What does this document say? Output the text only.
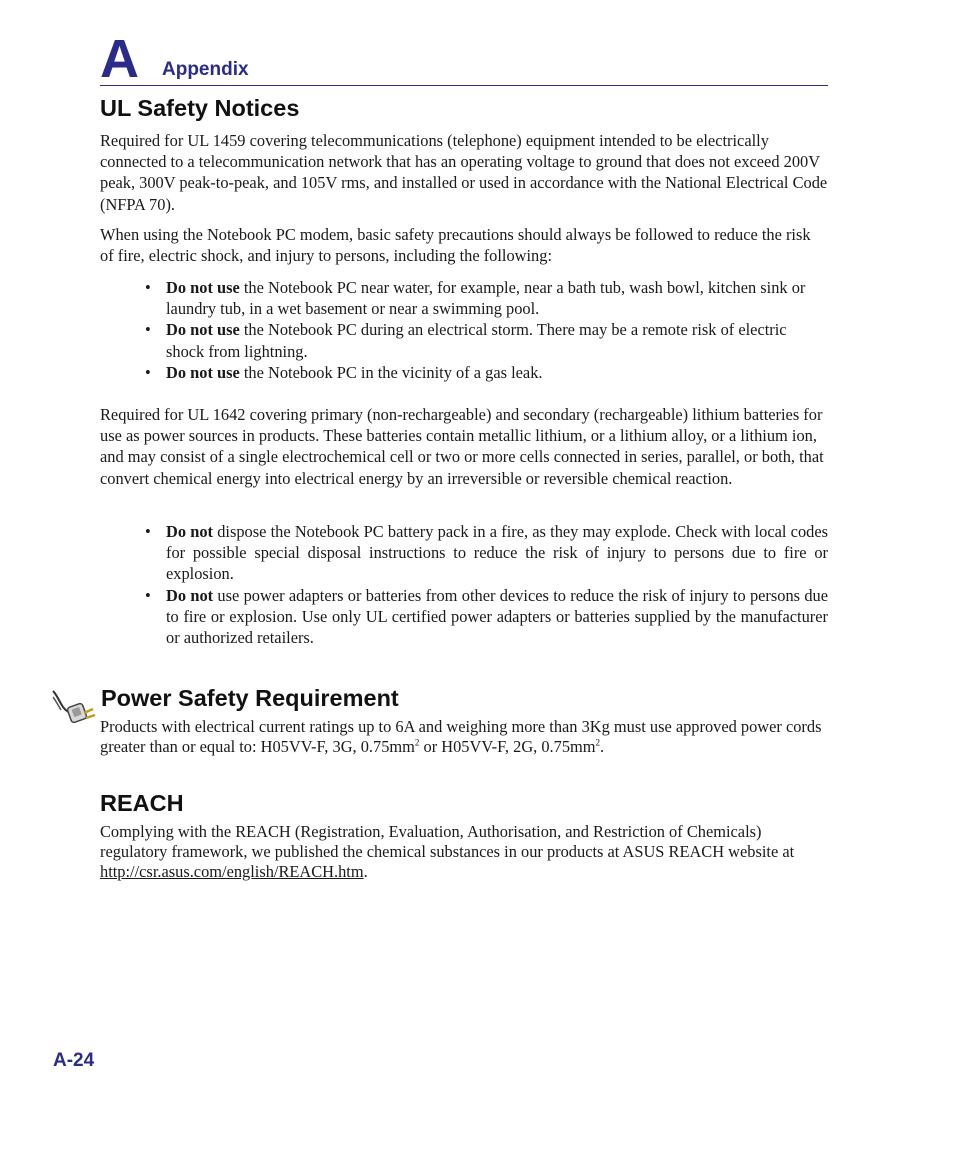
A Appendix
UL Safety Notices

Required for UL 1459 covering telecommunications (telephone) equipment intended to be electrically connected to a telecommunication network that has an operating voltage to ground that does not exceed 200V peak, 300V peak-to-peak, and 105V rms, and installed or used in accordance with the National Electrical Code (NFPA 70).

When using the Notebook PC modem, basic safety precautions should always be followed to reduce the risk of fire, electric shock, and injury to persons, including the following:

• Do not use the Notebook PC near water, for example, near a bath tub, wash bowl, kitchen sink or laundry tub, in a wet basement or near a swimming pool.
• Do not use the Notebook PC during an electrical storm. There may be a remote risk of electric shock from lightning.
• Do not use the Notebook PC in the vicinity of a gas leak.

Required for UL 1642 covering primary (non-rechargeable) and secondary (rechargeable) lithium batteries for use as power sources in products. These batteries contain metallic lithium, or a lithium alloy, or a lithium ion, and may consist of a single electrochemical cell or two or more cells connected in series, parallel, or both, that convert chemical energy into electrical energy by an irreversible or reversible chemical reaction.

• Do not dispose the Notebook PC battery pack in a fire, as they may explode. Check with local codes for possible special disposal instructions to reduce the risk of injury to persons due to fire or explosion.
• Do not use power adapters or batteries from other devices to reduce the risk of injury to persons due to fire or explosion. Use only UL certified power adapters or batteries supplied by the manufacturer or authorized retailers.
Power Safety Requirement

Products with electrical current ratings up to 6A and weighing more than 3Kg must use approved power cords greater than or equal to: H05VV-F, 3G, $0.75mm^2$ or H05VV-F, 2G, $0.75mm^2$.

REACH

Complying with the REACH (Registration, Evaluation, Authorisation, and Restriction of Chemicals) regulatory framework, we published the chemical substances in our products at ASUS REACH website at http://csr.asus.com/english/REACH.htm.

A-24
